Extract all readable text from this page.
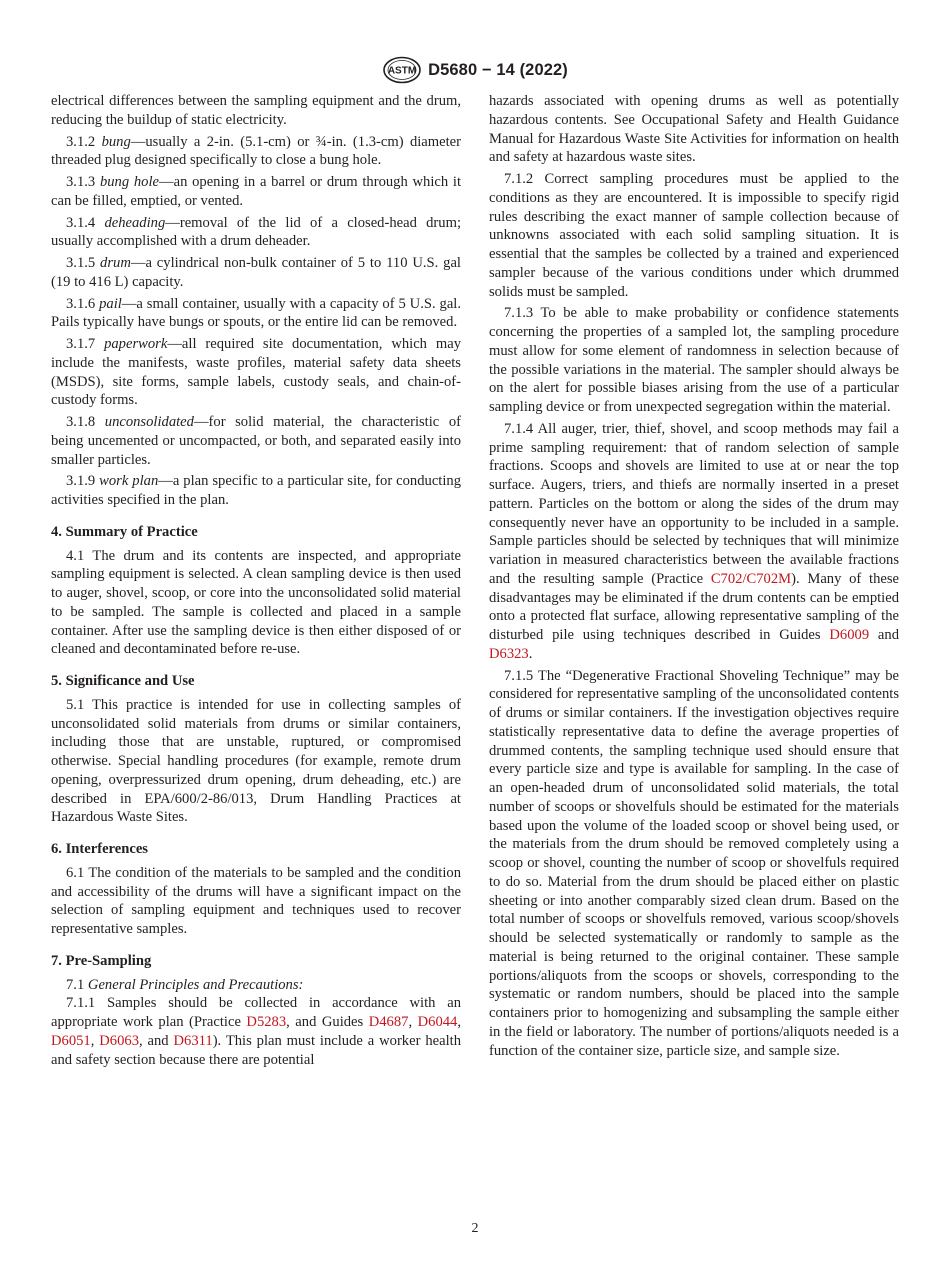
ASTM D5680 − 14 (2022)

electrical differences between the sampling equipment and the drum, reducing the buildup of static electricity.

3.1.2 bung—usually a 2-in. (5.1-cm) or ¾-in. (1.3-cm) diameter threaded plug designed specifically to close a bung hole.

3.1.3 bung hole—an opening in a barrel or drum through which it can be filled, emptied, or vented.

3.1.4 deheading—removal of the lid of a closed-head drum; usually accomplished with a drum deheader.

3.1.5 drum—a cylindrical non-bulk container of 5 to 110 U.S. gal (19 to 416 L) capacity.

3.1.6 pail—a small container, usually with a capacity of 5 U.S. gal. Pails typically have bungs or spouts, or the entire lid can be removed.

3.1.7 paperwork—all required site documentation, which may include the manifests, waste profiles, material safety data sheets (MSDS), site forms, sample labels, custody seals, and chain-of-custody forms.

3.1.8 unconsolidated—for solid material, the characteristic of being uncemented or uncompacted, or both, and separated easily into smaller particles.

3.1.9 work plan—a plan specific to a particular site, for conducting activities specified in the plan.

4. Summary of Practice

4.1 The drum and its contents are inspected, and appropriate sampling equipment is selected. A clean sampling device is then used to auger, shovel, scoop, or core into the unconsolidated solid material to be sampled. The sample is collected and placed in a sample container. After use the sampling device is then either disposed of or cleaned and decontaminated before re-use.

5. Significance and Use

5.1 This practice is intended for use in collecting samples of unconsolidated solid materials from drums or similar containers, including those that are unstable, ruptured, or compromised otherwise. Special handling procedures (for example, remote drum opening, overpressurized drum opening, drum deheading, etc.) are described in EPA/600/2-86/013, Drum Handling Practices at Hazardous Waste Sites.

6. Interferences

6.1 The condition of the materials to be sampled and the condition and accessibility of the drums will have a significant impact on the selection of sampling equipment and techniques used to recover representative samples.

7. Pre-Sampling

7.1 General Principles and Precautions:

7.1.1 Samples should be collected in accordance with an appropriate work plan (Practice D5283, and Guides D4687, D6044, D6051, D6063, and D6311). This plan must include a worker health and safety section because there are potential

hazards associated with opening drums as well as potentially hazardous contents. See Occupational Safety and Health Guidance Manual for Hazardous Waste Site Activities for information on health and safety at hazardous waste sites.

7.1.2 Correct sampling procedures must be applied to the conditions as they are encountered. It is impossible to specify rigid rules describing the exact manner of sample collection because of unknowns associated with each solid sampling situation. It is essential that the samples be collected by a trained and experienced sampler because of the various conditions under which drummed solids must be sampled.

7.1.3 To be able to make probability or confidence statements concerning the properties of a sampled lot, the sampling procedure must allow for some element of randomness in selection because of the possible variations in the material. The sampler should always be on the alert for possible biases arising from the use of a particular sampling device or from unexpected segregation within the material.

7.1.4 All auger, trier, thief, shovel, and scoop methods may fail a prime sampling requirement: that of random selection of sample fractions. Scoops and shovels are limited to use at or near the top surface. Augers, triers, and thiefs are normally inserted in a preset pattern. Particles on the bottom or along the sides of the drum may consequently never have an opportunity to be included in a sample. Sample particles should be selected by techniques that will minimize variation in measured characteristics between the available fractions and the resulting sample (Practice C702/C702M). Many of these disadvantages may be eliminated if the drum contents can be emptied onto a protected flat surface, allowing representative sampling of the disturbed pile using techniques described in Guides D6009 and D6323.

7.1.5 The “Degenerative Fractional Shoveling Technique” may be considered for representative sampling of the unconsolidated contents of drums or similar containers. If the investigation objectives require statistically representative data to define the average properties of drummed contents, the sampling technique used should ensure that every particle size and type is available for sampling. In the case of an open-headed drum of unconsolidated solid materials, the total number of scoops or shovelfuls should be estimated for the materials based upon the volume of the loaded scoop or shovel being used, or the materials from the drum should be removed completely using a scoop or shovel, counting the number of scoop or shovelfuls required to do so. Material from the drum should be placed either on plastic sheeting or into another comparably sized clean drum. Based on the total number of scoops or shovelfuls removed, various scoop/shovels should be selected systematically or randomly to sample as the material is being returned to the original container. These sample portions/aliquots from the scoops or shovels, corresponding to the systematic or random numbers, should be placed into the sample containers prior to homogenizing and subsampling the sample either in the field or laboratory. The number of portions/aliquots needed is a function of the container size, particle size, and sample size.

2
